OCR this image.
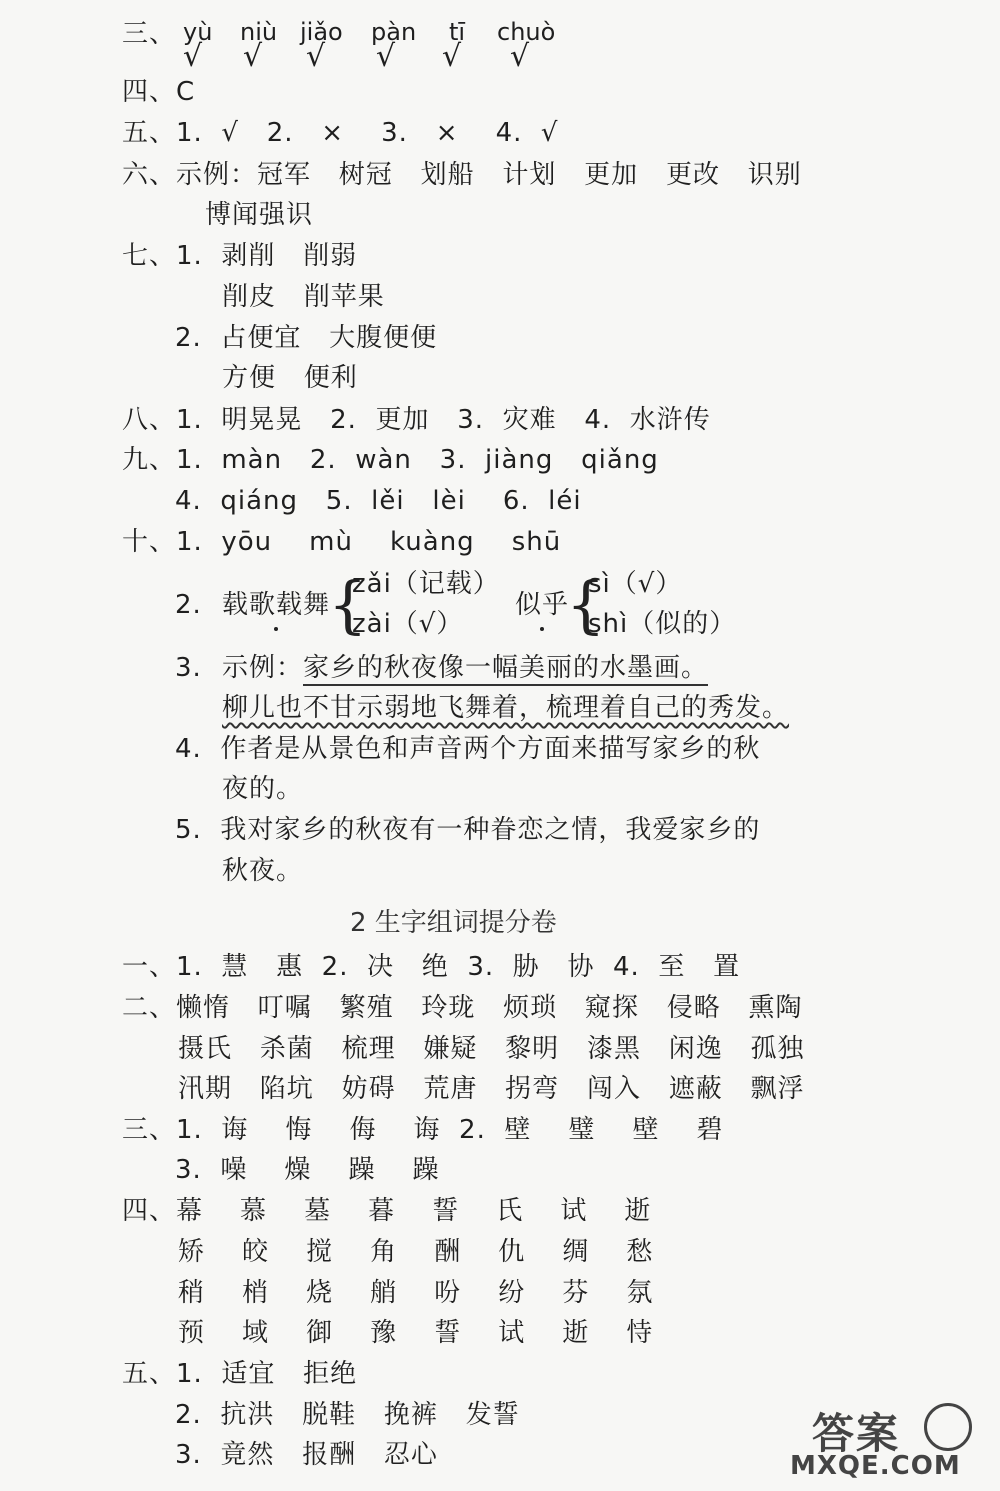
三、 yù niù jiǎo pàn tī chuò
√ √ √ √ √ √
四、C
五、1.  √   2.   ×    3.   ×    4.  √
六、示例：冠军   树冠   划船   计划   更加   更改   识别
博闻强识
七、1.  剥削   削弱
削皮   削苹果
2.  占便宜   大腹便便
方便   便利
八、1.  明晃晃   2.  更加   3.  灾难   4.  水浒传
九、1.  màn   2.  wàn   3.  jiàng   qiǎng
4.  qiáng   5.  lěi   lèi    6.  léi
十、1.  yōu    mù    kuàng    shū
2. 载歌载舞
{
zǎi（记载）
zài（√）
似乎
{
sì（√）
shì（似的）
3. 示例：家乡的秋夜像一幅美丽的水墨画。
柳儿也不甘示弱地飞舞着，梳理着自己的秀发。
4.  作者是从景色和声音两个方面来描写家乡的秋
夜的。
5.  我对家乡的秋夜有一种眷恋之情，我爱家乡的
秋夜。
2 生字组词提分卷
一、1.  慧   惠  2.  决   绝  3.  胁   协  4.  至   置
二、懒惰   叮嘱   繁殖   玲珑   烦琐   窥探   侵略   熏陶
摄氏   杀菌   梳理   嫌疑   黎明   漆黑   闲逸   孤独
汛期   陷坑   妨碍   荒唐   拐弯   闯入   遮蔽   飘浮
三、1.  诲    悔    侮    诲  2.  壁    璧    壁    碧
3.  噪    燥    躁    躁
四、幕    慕    墓    暮    誓    氏    试    逝
矫    皎    搅    角    酬    仇    绸    愁
稍    梢    烧    艄    吩    纷    芬    氛
预    域    御    豫    誓    试    逝    恃
五、1.  适宜   拒绝
2.  抗洪   脱鞋   挽裤   发誓
3.  竟然   报酬   忍心	答案
MXQE.COM
